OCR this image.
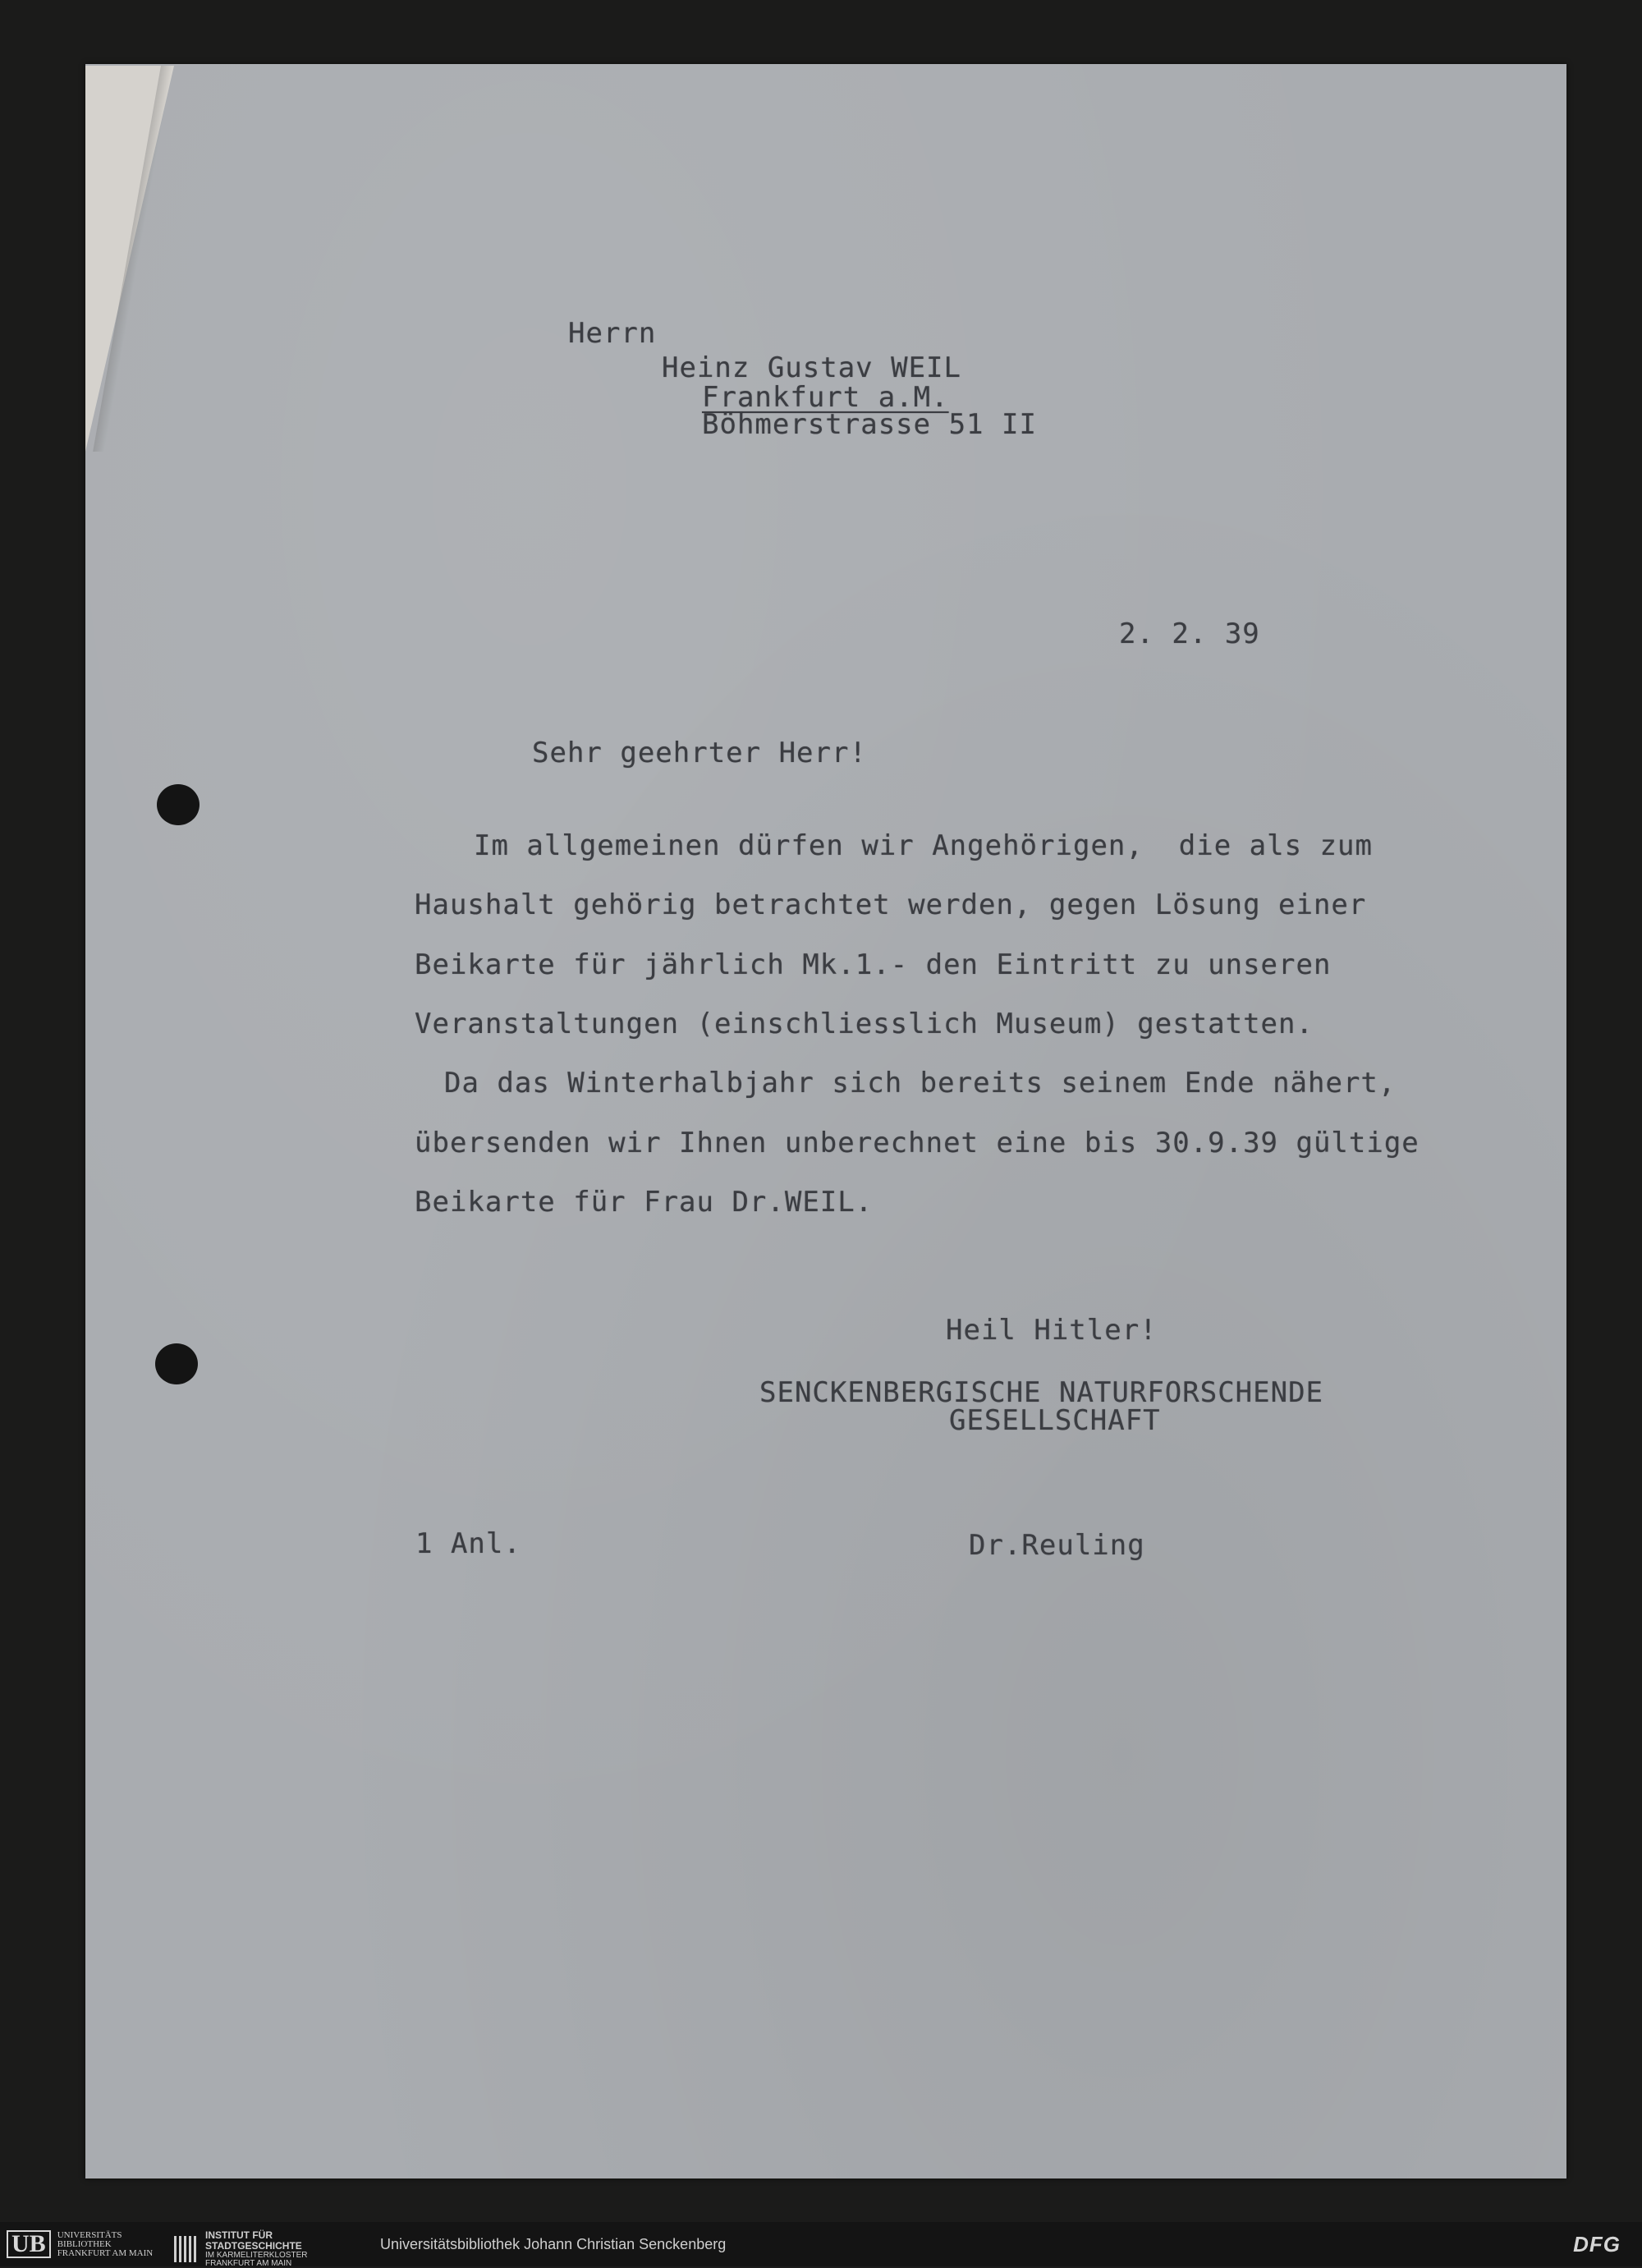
Herrn
Heinz Gustav WEIL
Frankfurt a.M.
Böhmerstrasse 51 II
2. 2. 39
Sehr geehrter Herr!
Im allgemeinen dürfen wir Angehörigen,  die als zum
Haushalt gehörig betrachtet werden, gegen Lösung einer
Beikarte für jährlich Mk.1.- den Eintritt zu unseren
Veranstaltungen (einschliesslich Museum) gestatten.
Da das Winterhalbjahr sich bereits seinem Ende nähert,
übersenden wir Ihnen unberechnet eine bis 30.9.39 gültige
Beikarte für Frau Dr.WEIL.
Heil Hitler!
SENCKENBERGISCHE NATURFORSCHENDE
GESELLSCHAFT
1 Anl.	Dr.Reuling
UB	UNIVERSITÄTS
BIBLIOTHEK
FRANKFURT AM MAIN
INSTITUT FÜR
STADTGESCHICHTE
IM KARMELITERKLOSTER
FRANKFURT AM MAIN
Universitätsbibliothek Johann Christian Senckenberg	DFG
